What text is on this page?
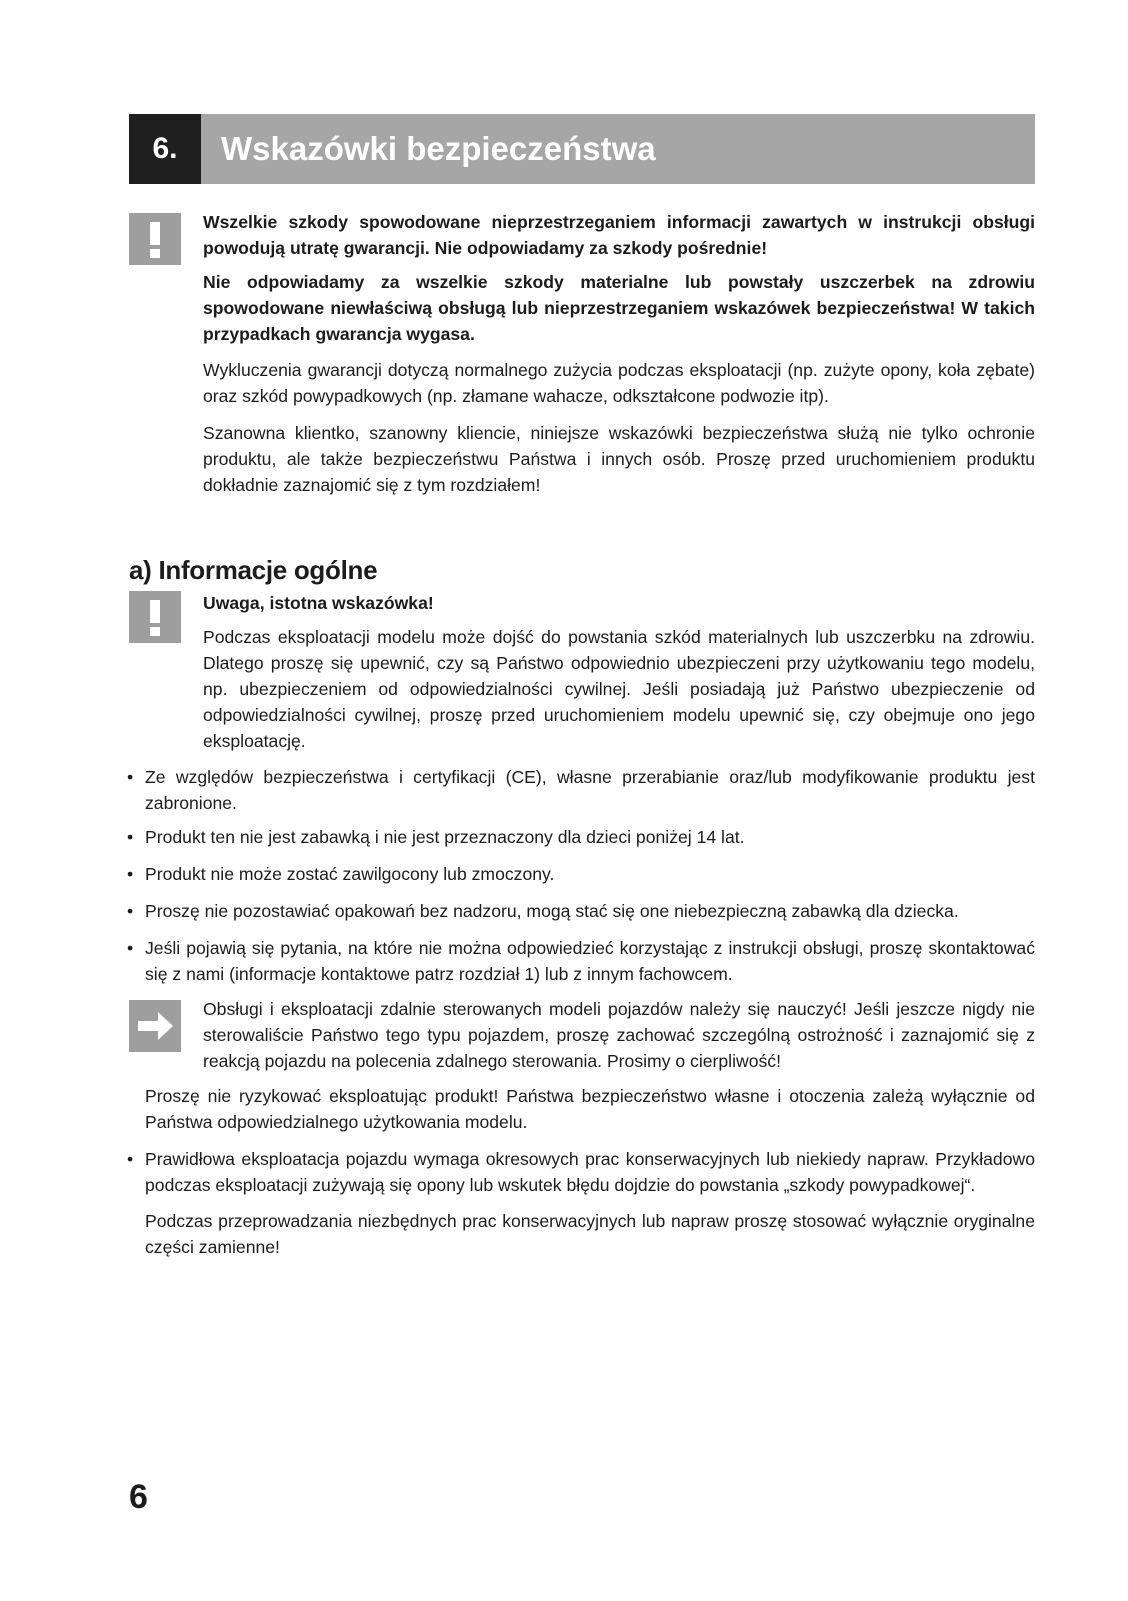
6.	Wskazówki bezpieczeństwa

Wszelkie szkody spowodowane nieprzestrzeganiem informacji zawartych w instrukcji obsługi powodują utratę gwarancji. Nie odpowiadamy za szkody pośrednie!

Nie odpowiadamy za wszelkie szkody materialne lub powstały uszczerbek na zdrowiu spowodowane niewłaściwą obsługą lub nieprzestrzeganiem wskazówek bezpieczeństwa! W takich przypadkach gwarancja wygasa.

Wykluczenia gwarancji dotyczą normalnego zużycia podczas eksploatacji (np. zużyte opony, koła zębate) oraz szkód powypadkowych (np. złamane wahacze, odkształcone podwozie itp).

Szanowna klientko, szanowny kliencie, niniejsze wskazówki bezpieczeństwa służą nie tylko ochronie produktu, ale także bezpieczeństwu Państwa i innych osób. Proszę przed uruchomieniem produktu dokładnie zaznajomić się z tym rozdziałem!

a) Informacje ogólne

Uwaga, istotna wskazówka!

Podczas eksploatacji modelu może dojść do powstania szkód materialnych lub uszczerbku na zdrowiu. Dlatego proszę się upewnić, czy są Państwo odpowiednio ubezpieczeni przy użytkowaniu tego modelu, np. ubezpieczeniem od odpowiedzialności cywilnej. Jeśli posiadają już Państwo ubezpieczenie od odpowiedzialności cywilnej, proszę przed uruchomieniem modelu upewnić się, czy obejmuje ono jego eksploatację.

• Ze względów bezpieczeństwa i certyfikacji (CE), własne przerabianie oraz/lub modyfikowanie produktu jest zabronione.
• Produkt ten nie jest zabawką i nie jest przeznaczony dla dzieci poniżej 14 lat.
• Produkt nie może zostać zawilgocony lub zmoczony.
• Proszę nie pozostawiać opakowań bez nadzoru, mogą stać się one niebezpieczną zabawką dla dziecka.
• Jeśli pojawią się pytania, na które nie można odpowiedzieć korzystając z instrukcji obsługi, proszę skontaktować się z nami (informacje kontaktowe patrz rozdział 1) lub z innym fachowcem.

Obsługi i eksploatacji zdalnie sterowanych modeli pojazdów należy się nauczyć! Jeśli jeszcze nigdy nie sterowaliście Państwo tego typu pojazdem, proszę zachować szczególną ostrożność i zaznajomić się z reakcją pojazdu na polecenia zdalnego sterowania. Prosimy o cierpliwość!

Proszę nie ryzykować eksploatując produkt! Państwa bezpieczeństwo własne i otoczenia zależą wyłącznie od Państwa odpowiedzialnego użytkowania modelu.

• Prawidłowa eksploatacja pojazdu wymaga okresowych prac konserwacyjnych lub niekiedy napraw. Przykładowo podczas eksploatacji zużywają się opony lub wskutek błędu dojdzie do powstania „szkody powypadkowej“.

Podczas przeprowadzania niezbędnych prac konserwacyjnych lub napraw proszę stosować wyłącznie oryginalne części zamienne!

6
